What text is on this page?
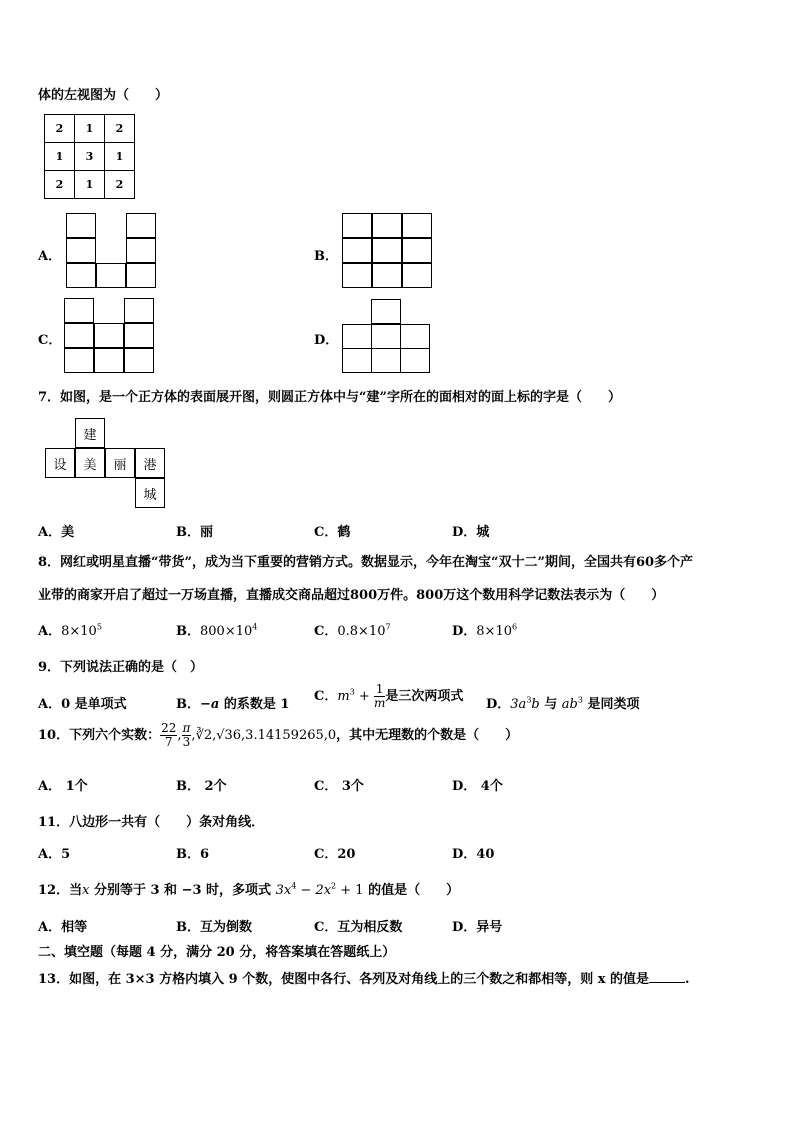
体的左视图为（　　）
2	1	2
1	3	1
2	1	2
A．	B．
C．	D．
7．如图，是一个正方体的表面展开图，则圆正方体中与“建”字所在的面相对的面上标的字是（　　）
建
设	美	丽	港
城
A．美	B．丽	C．鹤	D．城
8．网红或明星直播“带货”，成为当下重要的营销方式。数据显示，今年在淘宝“双十二”期间，全国共有60多个产
业带的商家开启了超过一万场直播，直播成交商品超过800万件。800万这个数用科学记数法表示为（　　）
A．$8\times 10^5$	B．$800\times 10^4$	C．$0.8\times 10^7$	D．$8\times 10^6$
9．下列说法正确的是（　）
A．0 是单项式	B．−a 的系数是 1
C．$m^3 + \frac{1}{m}$ 是三次两项式
D．$3a^3b$ 与 $ab^3$ 是同类项
10．下列六个实数： $\frac{22}{7}$ , $\frac{\pi}{3}$ ,∛2,√36,3.14159265,0，其中无理数的个数是（　　）
A． 1个	B． 2个	C． 3个	D． 4个
11．八边形一共有（　　）条对角线．
A．5	B．6	C．20	D．40
12．当x 分别等于 3 和 −3 时，多项式 $3x^4 - 2x^2 + 1$ 的值是（　　）
A．相等	B．互为倒数	C．互为相反数	D．异号
二、填空题（每题 4 分，满分 20 分，将答案填在答题纸上）
13．如图，在 3×3 方格内填入 9 个数，使图中各行、各列及对角线上的三个数之和都相等，则 x 的值是	.
